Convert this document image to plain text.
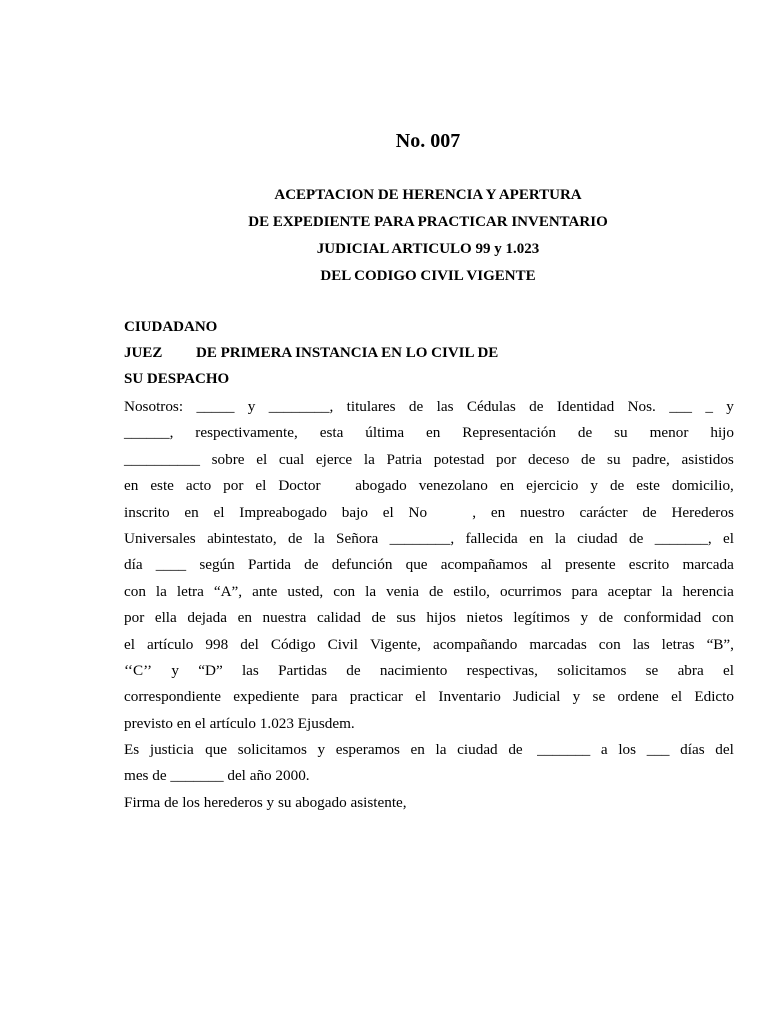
No. 007
ACEPTACION DE HERENCIA Y APERTURA
DE EXPEDIENTE PARA PRACTICAR INVENTARIO
JUDICIAL ARTICULO 99 y 1.023
DEL CODIGO CIVIL VIGENTE
CIUDADANO
JUEZ DE PRIMERA INSTANCIA EN LO CIVIL DE
SU DESPACHO
Nosotros: _____ y ________, titulares de las Cédulas de Identidad Nos. ___ _ y
______, respectivamente, esta última en Representación de su menor hijo
__________ sobre el cual ejerce la Patria potestad por deceso de su padre, asistidos
en este acto por el Doctor abogado venezolano en ejercicio y de este domicilio,
inscrito en el Impreabogado bajo el No , en nuestro carácter de Herederos
Universales abintestato, de la Señora ________, fallecida en la ciudad de _______, el
día ____ según Partida de defunción que acompañamos al presente escrito marcada
con la letra “A”, ante usted, con la venia de estilo, ocurrimos para aceptar la herencia
por ella dejada en nuestra calidad de sus hijos nietos legítimos y de conformidad con
el artículo 998 del Código Civil Vigente, acompañando marcadas con las letras “B”,
‘‘C’’ y “D” las Partidas de nacimiento respectivas, solicitamos se abra el
correspondiente expediente para practicar el Inventario Judicial y se ordene el Edicto
previsto en el artículo 1.023 Ejusdem.
Es justicia   que solicitamos y esperamos en la ciudad de _______ a los ___ días del
mes de _______ del año 2000.
Firma de los herederos y su abogado asistente,
